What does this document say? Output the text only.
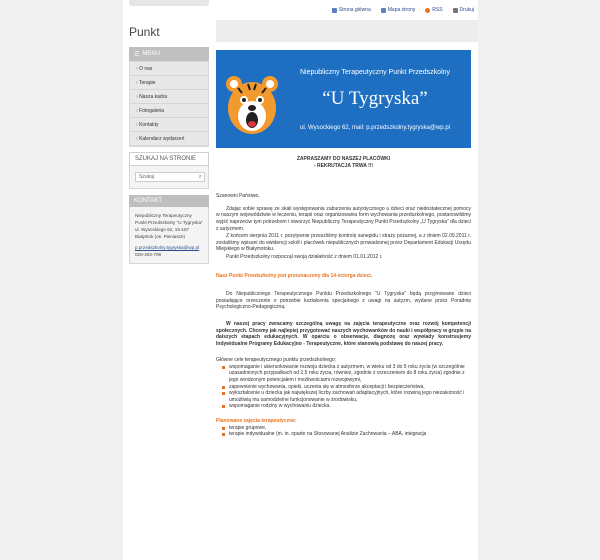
Strona główna	Mapa strony	RSS	Drukuj
Punkt
☰ MENU
› O nas
› Terapie
› Nasza kadra
› Fotogaleria
› Kontakty
› Kalendarz wydarzeń
SZUKAJ NA STRONIE
Szukaj	⌕
KONTAKT
Niepubliczny Terapeutyczny Punkt Przedszkolny "U Tygryska"
ul. Wysockiego 62, 15-167 Białystok (os. Pieniasze)
p.przedszkolny.tygryska@wp.pl
029-403-706
Niepubliczny Terapeutyczny Punkt Przedszkolny
“U Tygryska”
ul. Wysockiego 62, mail: p.przedszkolny.tygryska@wp.pl
ZAPRASZAMY DO NASZEJ PLACÓWKI
- REKRUTACJA TRWA !!!
Szanowni Państwo,
Zdając sobie sprawę ze skali występowania zaburzenia autystycznego u dzieci oraz niedostatecznej pomocy w naszym województwie w leczeniu, terapii oraz organizowaniu form wychowania przedszkolnego, postanowiliśmy wyjść naprzeciw tym potrzebom i otworzyć Niepubliczny Terapeutyczny Punkt Przedszkolny „U Tygryska” dla dzieci z autyzmem.
Z końcem sierpnia 2011 r. pozytywnie przeszliśmy kontrolę sanepidu i straży pożarnej, a z dniem 02.09.2011 r. zostaliśmy wpisani do ewidencji szkół i placówek niepublicznych prowadzonej przez Departament Edukacji Urzędu Miejskiego w Białymstoku.
Punkt Przedszkolny rozpoczął swoją działalność z dniem 01.01.2012 r.
Nasz Punkt Przedszkolny jest przeznaczony dla 14-ściorga dzieci.
Do Niepublicznego Terapeutycznego Punktu Przedszkolnego "U Tygryska" będą przyjmowane dzieci posiadające orzeczenie o potrzebie kształcenia specjalnego z uwagi na autyzm, wydane przez Poradnię Psychologiczno-Pedagogiczną.
W naszej pracy zwracamy szczególną uwagę na zajęcia terapeutyczne oraz rozwój kompetencji społecznych. Chcemy jak najlepiej przygotować naszych wychowanków do nauki i współpracy w grupie na dalszych etapach edukacyjnych. W oparciu o obserwacje, diagnozę oraz wywiady konstruujemy Indywidualne Programy Edukacyjno - Terapeutyczne, które stanowią podstawę do naszej pracy.
Główne cele terapeutycznego punktu przedszkolnego:
wspomaganie i ukierunkowanie rozwoju dziecka z autyzmem, w wieku od 3 do 5 roku życia (w szczególnie uzasadnionych przypadkach od 2,5 roku życia, również, zgodnie z orzeczeniem do 8 roku życia) zgodnie z jego wrodzonym potencjałem i możliwościami rozwojowymi,
zapewnienie wychowania, opieki, uczenia się w atmosferze akceptacji i bezpieczeństwa,
wykształcenie u dziecka jak największej liczby zachowań adaptacyjnych, które rozwiną jego niezależność i umożliwią mu samodzielne funkcjonowanie w środowisku,
wspomaganie rodziny w wychowaniu dziecka.
Planowane zajęcia terapeutyczne:
terapie grupowe,
terapie indywidualne (m. in. oparte na Stosowanej Analizie Zachowania – ABA, integracja
